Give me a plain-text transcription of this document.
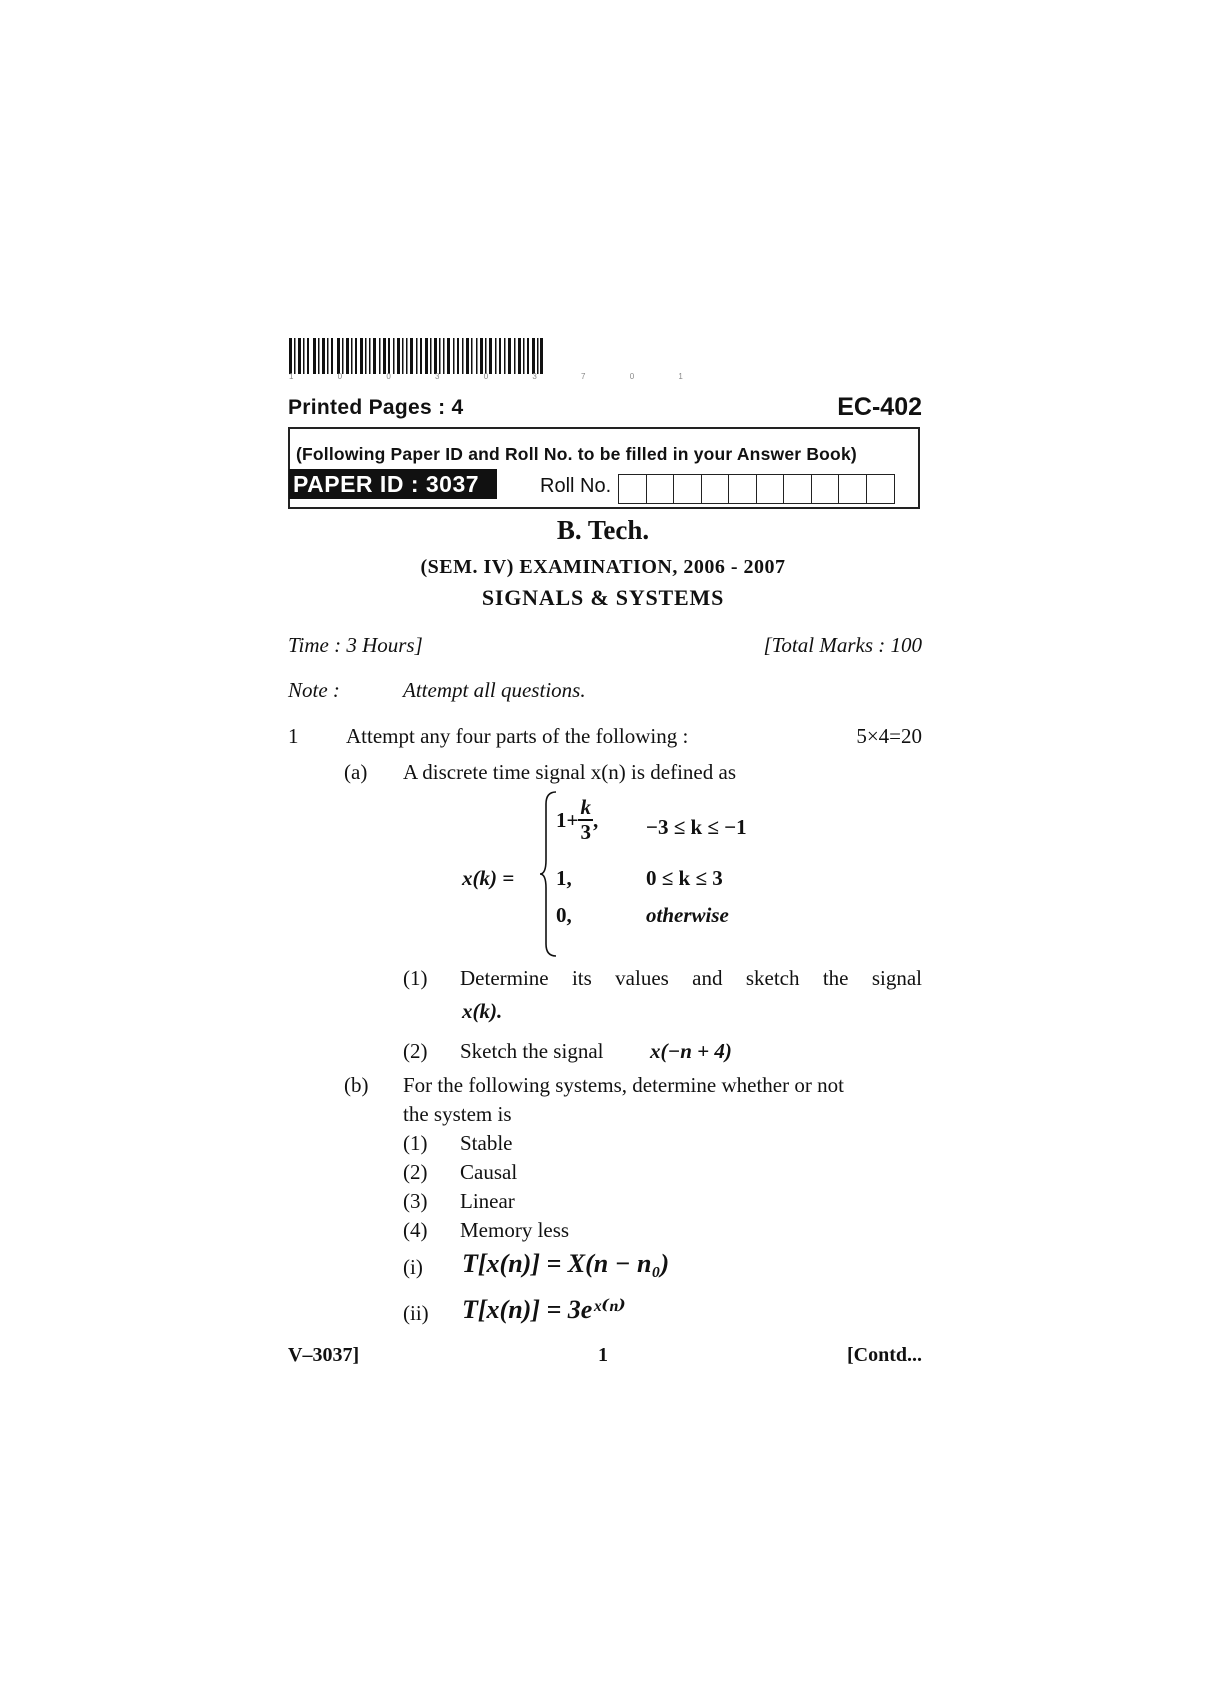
1 0 0 3 0 3 7 0 1
Printed Pages : 4	EC-402
(Following Paper ID and Roll No. to be filled in your Answer Book)
PAPER ID : 3037	Roll No.
B. Tech.
(SEM. IV) EXAMINATION, 2006 - 2007
SIGNALS & SYSTEMS
Time : 3 Hours]	[Total Marks : 100
Note :	Attempt all questions.
1 Attempt any four parts of the following :	5×4=20
(a) A discrete time signal x(n) is defined as
x(k) =
$1+ \frac{k}{3}$ , −3 ≤ k ≤ −1
1,	0 ≤ k ≤ 3
0,	otherwise
(1) Determine its values and sketch the signal
x(k).
(2) Sketch the signal x(−n + 4)
(b) For the following systems, determine whether or not
the system is
(1) Stable
(2) Causal
(3) Linear
(4) Memory less
(i) T[x(n)] = X(n − n₀)
(ii) T[x(n)] = 3eˣ⁽ⁿ⁾
V–3037]	1	[Contd...
